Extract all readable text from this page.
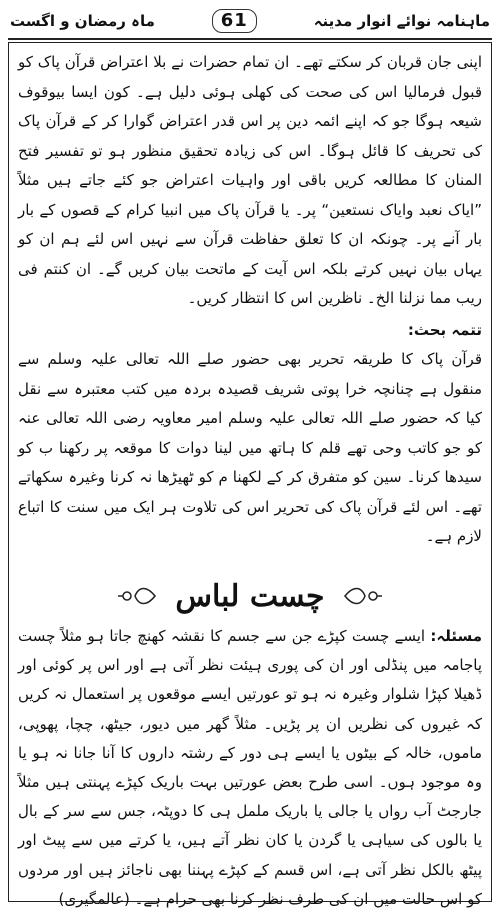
ماہنامہ نوائے انوار مدینہ
61
ماہ رمضان و اگست

اپنی جان قربان کر سکتے تھے۔ ان تمام حضرات نے بلا اعتراض قرآن پاک کو قبول فرمالیا اس کی صحت کی کھلی ہوئی دلیل ہے۔ کون ایسا بیوقوف شیعہ ہوگا جو کہ اپنے ائمہ دین پر اس قدر اعتراض گوارا کر کے قرآن پاک کی تحریف کا قائل ہوگا۔ اس کی زیادہ تحقیق منظور ہو تو تفسیر فتح المنان کا مطالعہ کریں باقی اور واہیات اعتراض جو کئے جاتے ہیں مثلاً ”ایاک نعبد وایاک نستعین“ پر۔ یا قرآن پاک میں انبیا کرام کے قصوں کے بار بار آنے پر۔ چونکہ ان کا تعلق حفاظت قرآن سے نہیں اس لئے ہم ان کو یہاں بیان نہیں کرتے بلکہ اس آیت کے ماتحت بیان کریں گے۔ ان کنتم فی ریب مما نزلنا الخ۔ ناظرین اس کا انتظار کریں۔

تتمہ بحث:

قرآن پاک کا طریقہ تحریر بھی حضور صلے اللہ تعالی علیہ وسلم سے منقول ہے چنانچہ خرا پوتی شریف قصیدہ بردہ میں کتب معتبرہ سے نقل کیا کہ حضور صلے اللہ تعالی علیہ وسلم امیر معاویہ رضی اللہ تعالی عنہ کو جو کاتب وحی تھے قلم کا ہاتھ میں لینا دوات کا موقعہ پر رکھنا ب کو سیدھا کرنا۔ سین کو متفرق کر کے لکھنا م کو ٹھیڑھا نہ کرنا وغیرہ سکھاتے تھے۔ اس لئے قرآن پاک کی تحریر اس کی تلاوت ہر ایک میں سنت کا اتباع لازم ہے۔

چست لباس

مسئلہ: ایسے چست کپڑے جن سے جسم کا نقشہ کھنچ جاتا ہو مثلاً چست پاجامہ میں پنڈلی اور ان کی پوری ہیئت نظر آتی ہے اور اس پر کوئی اور ڈھیلا کپڑا شلوار وغیرہ نہ ہو تو عورتیں ایسے موقعوں پر استعمال نہ کریں کہ غیروں کی نظریں ان پر پڑیں۔ مثلاً گھر میں دیور، جیٹھ، چچا، پھوپی، ماموں، خالہ کے بیٹوں یا ایسے ہی دور کے رشتہ داروں کا آنا جانا نہ ہو یا وہ موجود ہوں۔ اسی طرح بعض عورتیں بہت باریک کپڑے پہنتی ہیں مثلاً جارجٹ آب رواں یا جالی یا باریک ململ ہی کا دوپٹہ، جس سے سر کے بال یا بالوں کی سیاہی یا گردن یا کان نظر آتے ہیں، یا کرتے میں سے پیٹ اور پیٹھ بالکل نظر آتی ہے، اس قسم کے کپڑے پہننا بھی ناجائز ہیں اور مردوں کو اس حالت میں ان کی طرف نظر کرنا بھی حرام ہے۔ (عالمگیری)
